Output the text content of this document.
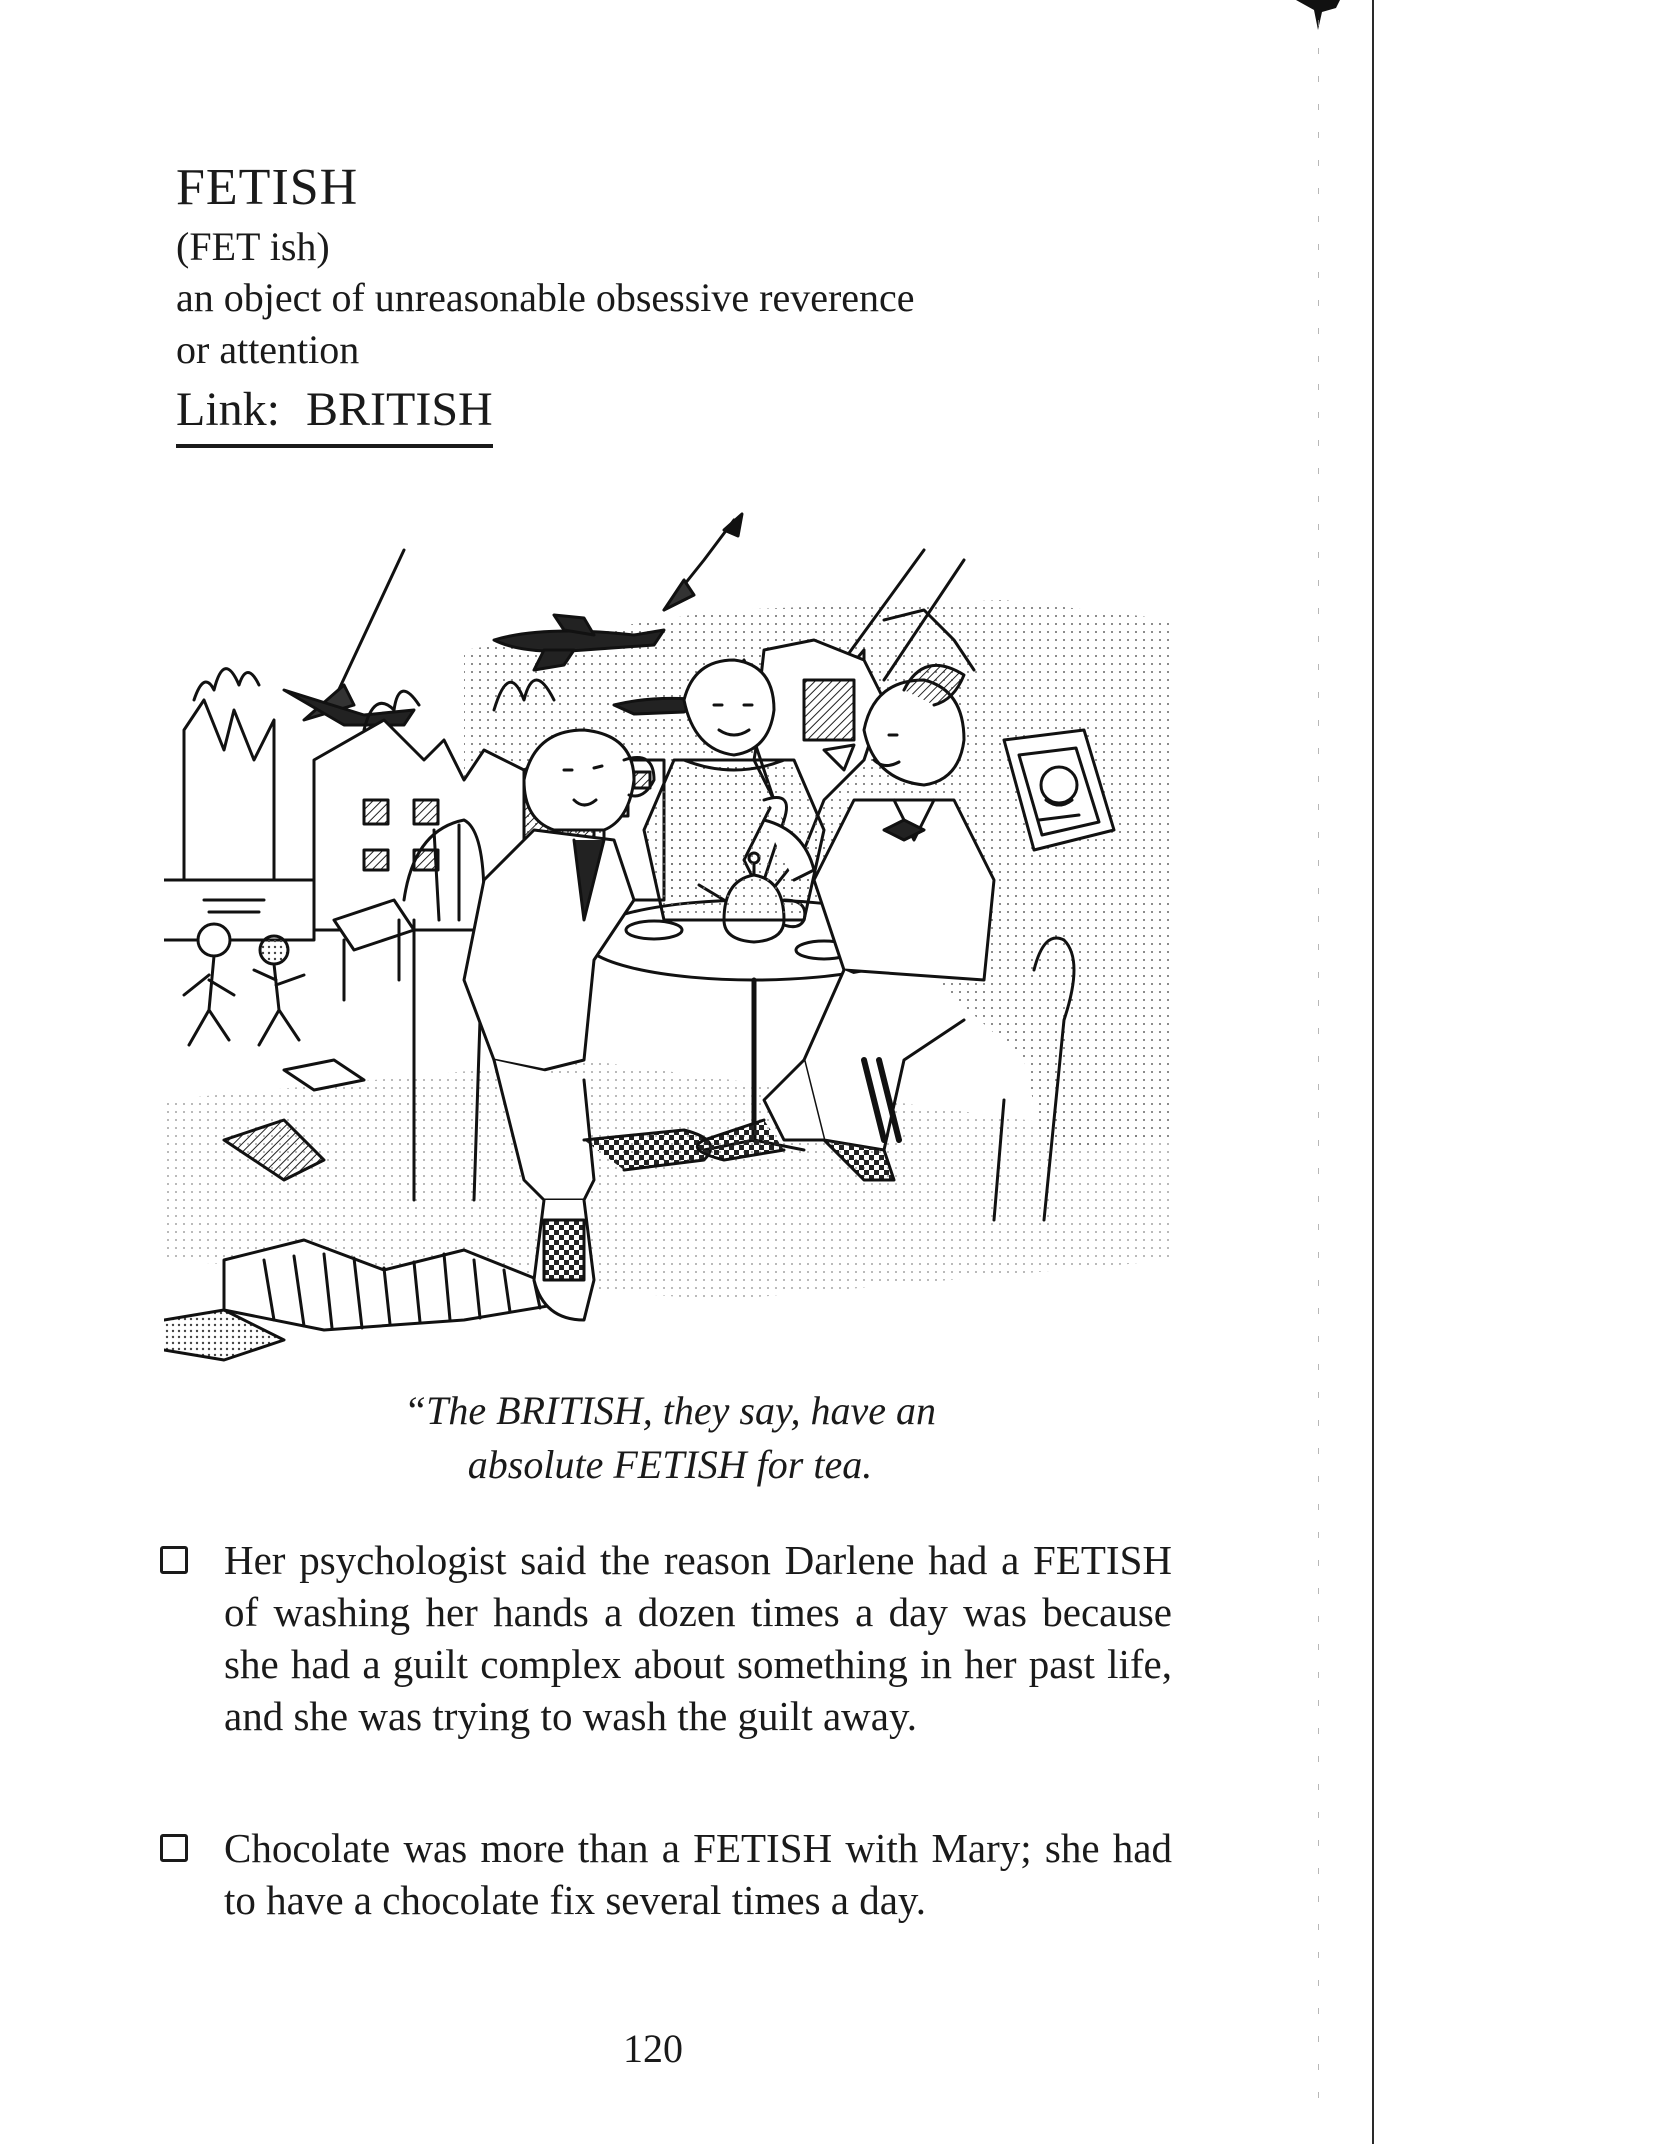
FETISH
(FET ish)
an object of unreasonable obsessive reverence or attention
Link: BRITISH
“The BRITISH, they say, have an
absolute FETISH for tea.
Her psychologist said the reason Darlene had a FETISH of washing her hands a dozen times a day was because she had a guilt complex about something in her past life, and she was trying to wash the guilt away.
Chocolate was more than a FETISH with Mary; she had to have a chocolate fix several times a day.
120
